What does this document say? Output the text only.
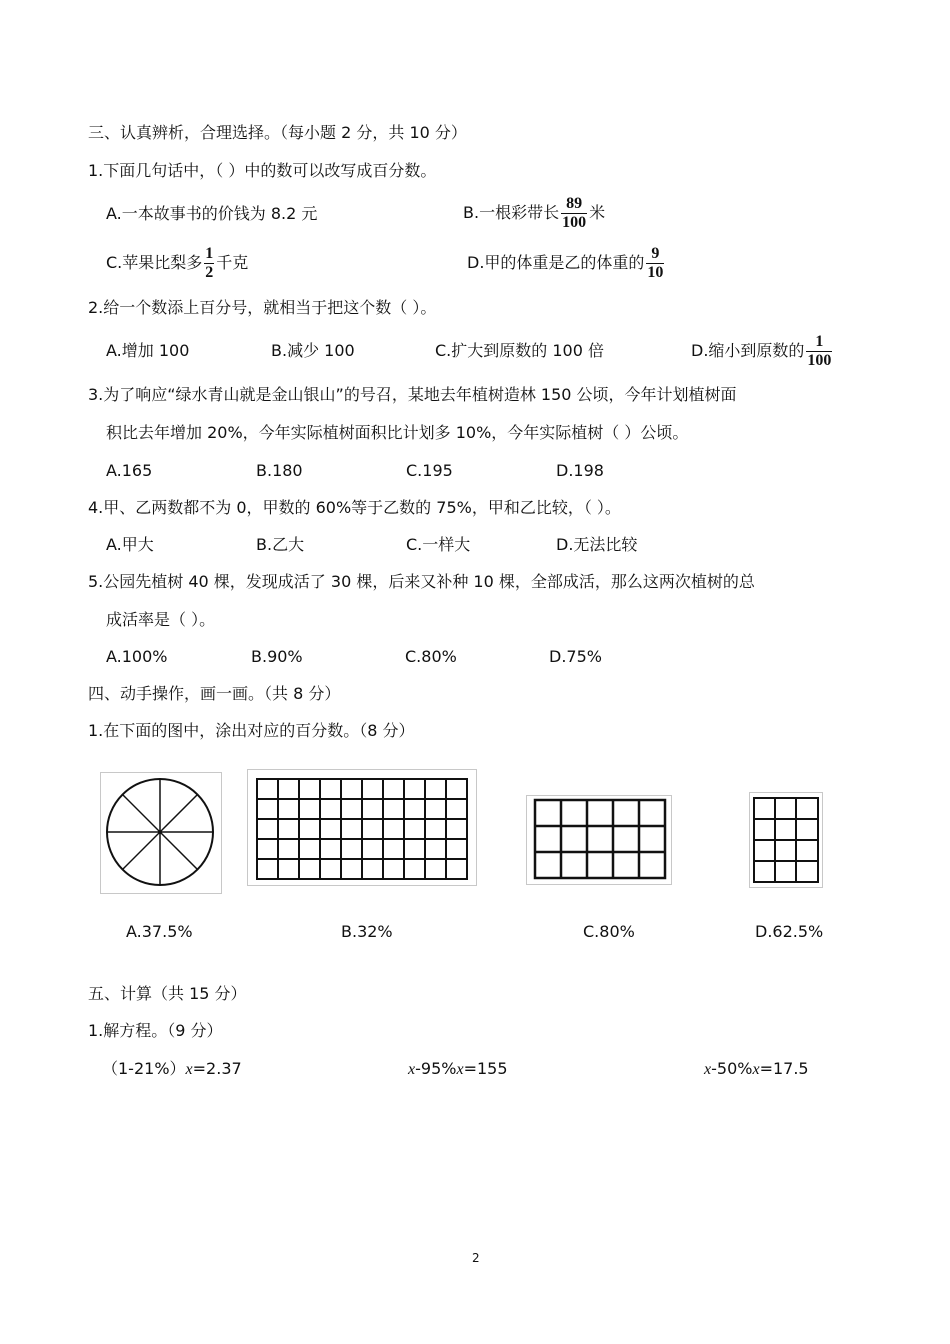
三、认真辨析，合理选择。（每小题 2 分，共 10 分）
1.下面几句话中，（ ）中的数可以改写成百分数。
A.一本故事书的价钱为 8.2 元	B.一根彩带长 $\frac{89}{100}$ 米
C.苹果比梨多 $\frac{1}{2}$ 千克	D.甲的体重是乙的体重的 $\frac{9}{10}$
2.给一个数添上百分号，就相当于把这个数（ ）。
A.增加 100	B.减少 100	C.扩大到原数的 100 倍	D.缩小到原数的 $\frac{1}{100}$
3.为了响应“绿水青山就是金山银山”的号召，某地去年植树造林 150 公顷，今年计划植树面
积比去年增加 20%，今年实际植树面积比计划多 10%，今年实际植树（ ）公顷。
A.165	B.180	C.195	D.198
4.甲、乙两数都不为 0，甲数的 60%等于乙数的 75%，甲和乙比较，（ ）。
A.甲大	B.乙大	C.一样大	D.无法比较
5.公园先植树 40 棵，发现成活了 30 棵，后来又补种 10 棵，全部成活，那么这两次植树的总
成活率是（ ）。
A.100%	B.90%	C.80%	D.75%
四、动手操作，画一画。（共 8 分）
1.在下面的图中，涂出对应的百分数。（8 分）
A.37.5%	B.32%	C.80%	D.62.5%
五、计算（共 15 分）
1.解方程。（9 分）
（1-21%）x=2.37	x-95%x=155	x-50%x=17.5
2
